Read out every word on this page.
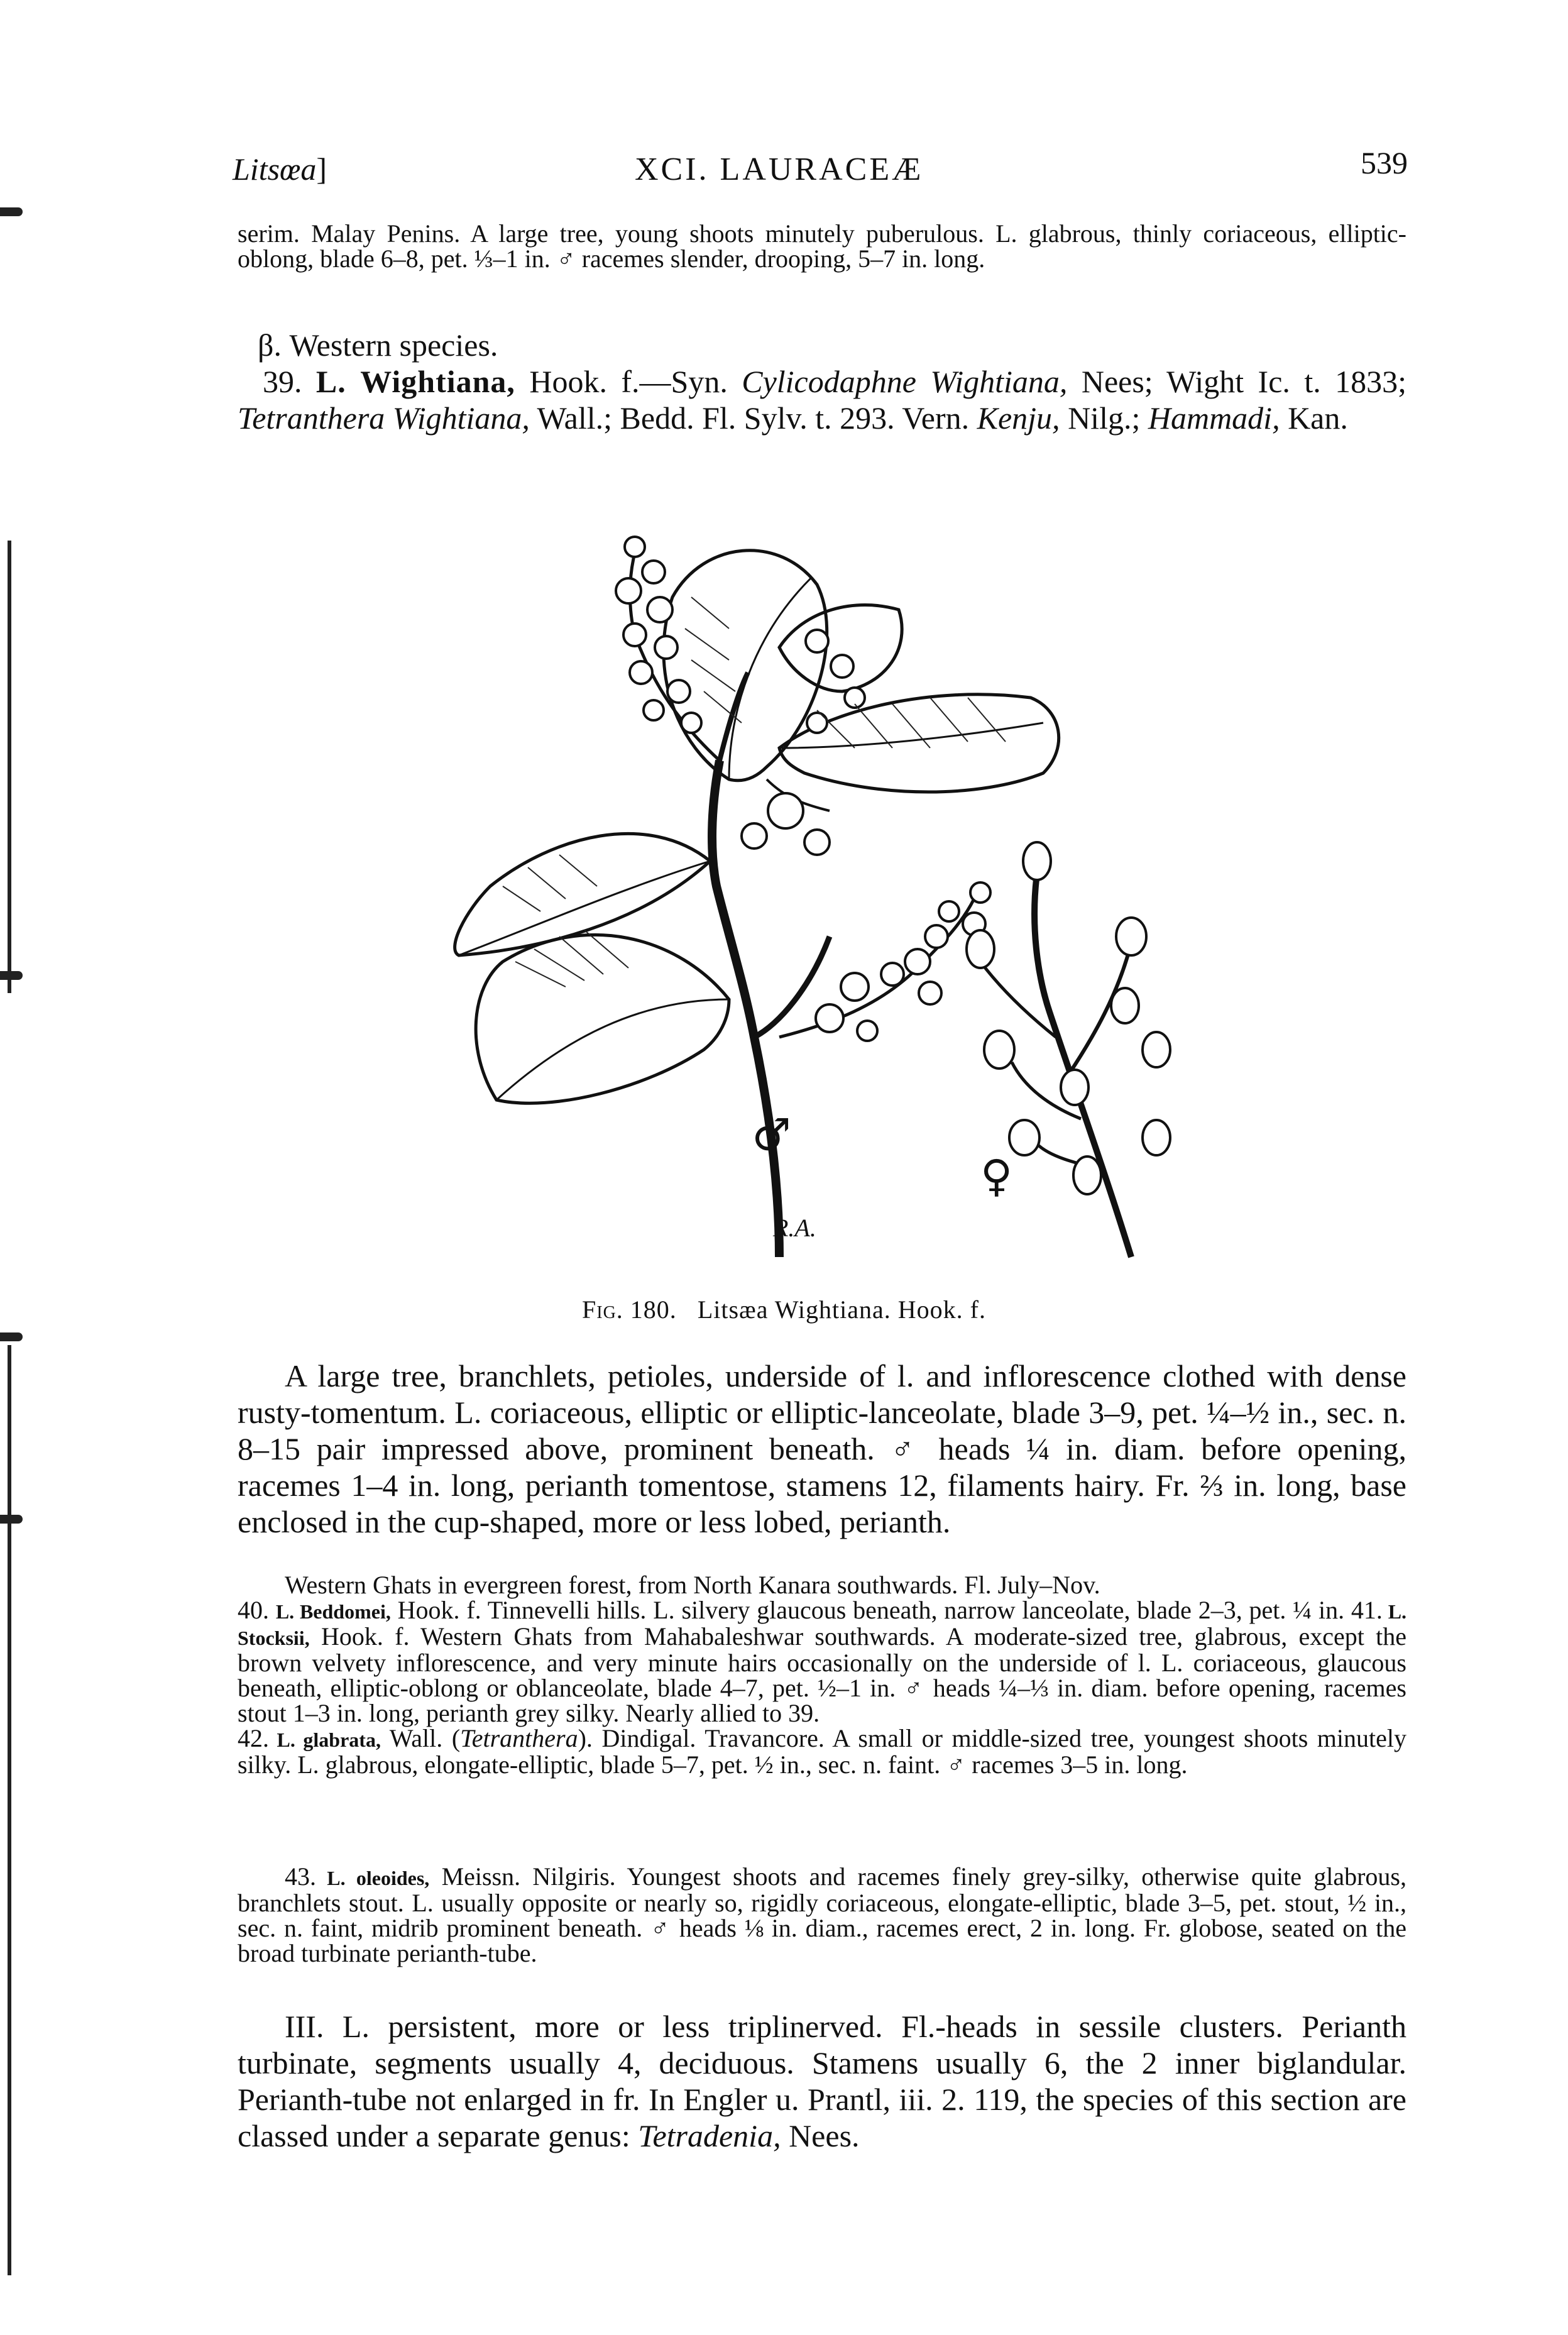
Litsœa]	XCI. LAURACEÆ	539
serim. Malay Penins. A large tree, young shoots minutely puberulous. L. glabrous, thinly coriaceous, elliptic-oblong, blade 6–8, pet. ⅓–1 in. ♂ racemes slender, drooping, 5–7 in. long.
β. Western species.
39. L. Wightiana, Hook. f.—Syn. Cylicodaphne Wightiana, Nees; Wight Ic. t. 1833; Tetranthera Wightiana, Wall.; Bedd. Fl. Sylv. t. 293. Vern. Kenju, Nilg.; Hammadi, Kan.
♂
♀
R.A.
Fig. 180. Litsæa Wightiana. Hook. f.
A large tree, branchlets, petioles, underside of l. and inflorescence clothed with dense rusty-tomentum. L. coriaceous, elliptic or elliptic-lanceolate, blade 3–9, pet. ¼–½ in., sec. n. 8–15 pair impressed above, prominent beneath. ♂ heads ¼ in. diam. before opening, racemes 1–4 in. long, perianth tomentose, stamens 12, filaments hairy. Fr. ⅔ in. long, base enclosed in the cup-shaped, more or less lobed, perianth.
Western Ghats in evergreen forest, from North Kanara southwards. Fl. July–Nov.
40. L. Beddomei, Hook. f. Tinnevelli hills. L. silvery glaucous beneath, narrow lanceolate, blade 2–3, pet. ¼ in. 41. L. Stocksii, Hook. f. Western Ghats from Mahabaleshwar southwards. A moderate-sized tree, glabrous, except the brown velvety inflorescence, and very minute hairs occasionally on the underside of l. L. coriaceous, glaucous beneath, elliptic-oblong or oblanceolate, blade 4–7, pet. ½–1 in. ♂ heads ¼–⅓ in. diam. before opening, racemes stout 1–3 in. long, perianth grey silky. Nearly allied to 39.
42. L. glabrata, Wall. (Tetranthera). Dindigal. Travancore. A small or middle-sized tree, youngest shoots minutely silky. L. glabrous, elongate-elliptic, blade 5–7, pet. ½ in., sec. n. faint. ♂ racemes 3–5 in. long.
43. L. oleoides, Meissn. Nilgiris. Youngest shoots and racemes finely grey-silky, otherwise quite glabrous, branchlets stout. L. usually opposite or nearly so, rigidly coriaceous, elongate-elliptic, blade 3–5, pet. stout, ½ in., sec. n. faint, midrib prominent beneath. ♂ heads ⅛ in. diam., racemes erect, 2 in. long. Fr. globose, seated on the broad turbinate perianth-tube.
III. L. persistent, more or less triplinerved. Fl.-heads in sessile clusters. Perianth turbinate, segments usually 4, deciduous. Stamens usually 6, the 2 inner biglandular. Perianth-tube not enlarged in fr. In Engler u. Prantl, iii. 2. 119, the species of this section are classed under a separate genus: Tetradenia, Nees.
